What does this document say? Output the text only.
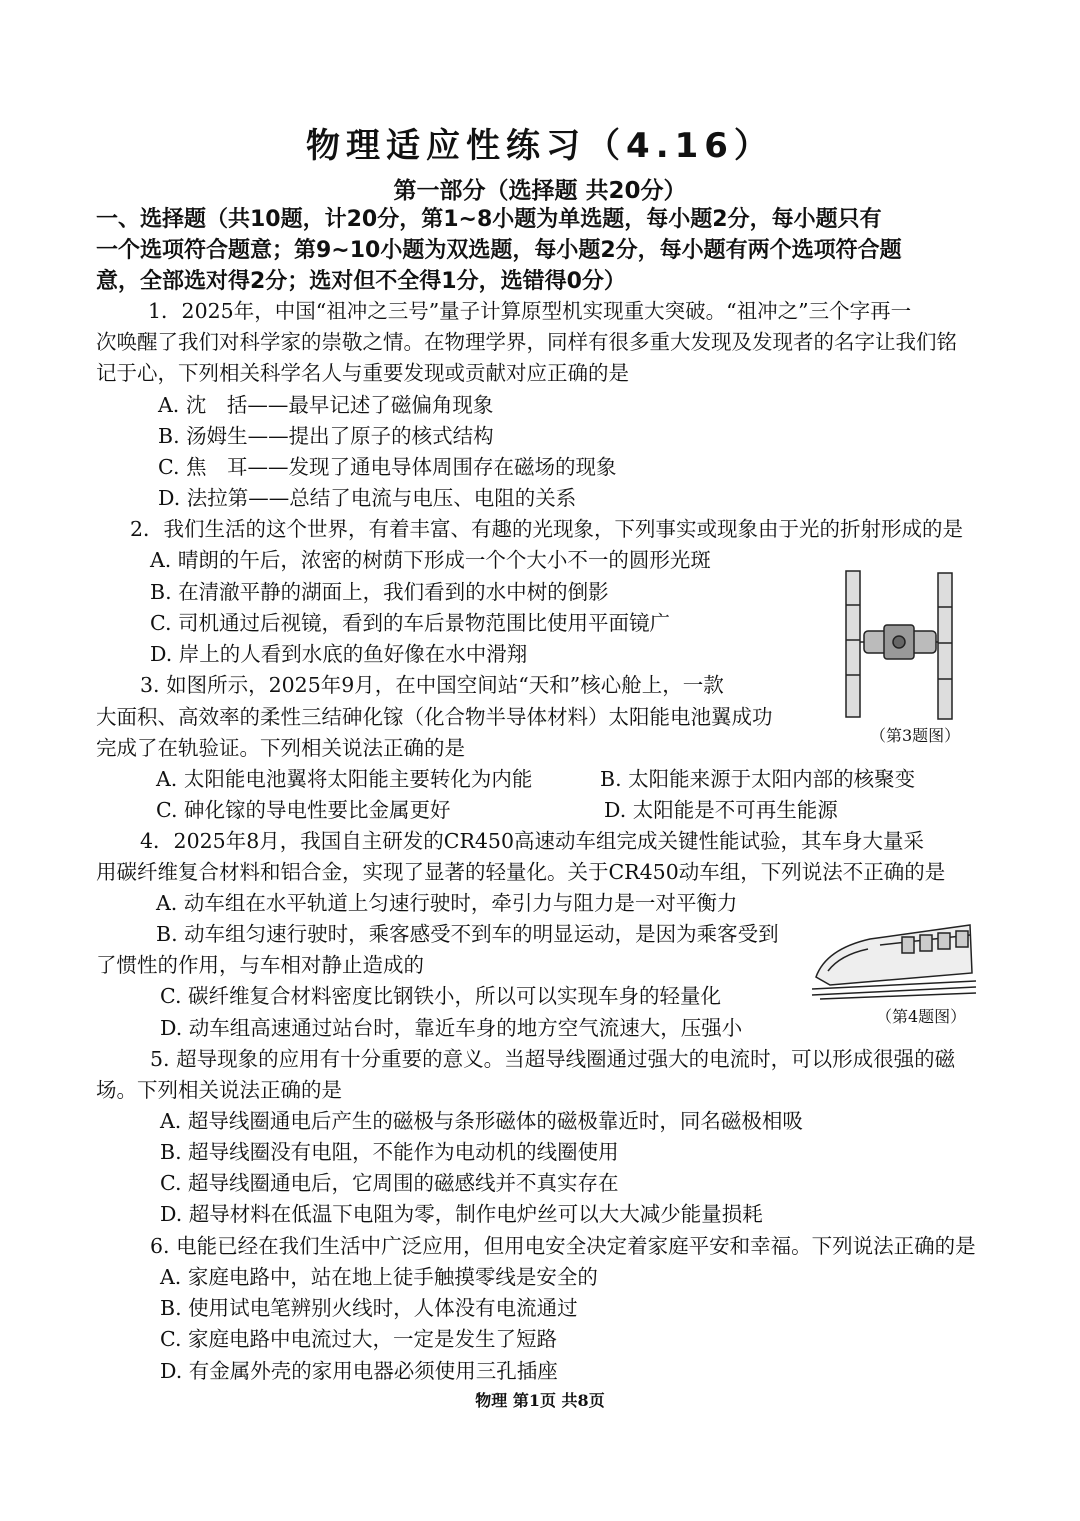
物理适应性练习（4.16）
第一部分（选择题 共20分）
一、选择题（共10题，计20分，第1~8小题为单选题，每小题2分，每小题只有
一个选项符合题意；第9~10小题为双选题，每小题2分，每小题有两个选项符合题
意，全部选对得2分；选对但不全得1分，选错得0分）
1．2025年，中国“祖冲之三号”量子计算原型机实现重大突破。“祖冲之”三个字再一
次唤醒了我们对科学家的崇敬之情。在物理学界，同样有很多重大发现及发现者的名字让我们铭
记于心，下列相关科学名人与重要发现或贡献对应正确的是
A. 沈　括——最早记述了磁偏角现象
B. 汤姆生——提出了原子的核式结构
C. 焦　耳——发现了通电导体周围存在磁场的现象
D. 法拉第——总结了电流与电压、电阻的关系
2．我们生活的这个世界，有着丰富、有趣的光现象，下列事实或现象由于光的折射形成的是
A. 晴朗的午后，浓密的树荫下形成一个个大小不一的圆形光斑
B. 在清澈平静的湖面上，我们看到的水中树的倒影
C. 司机通过后视镜，看到的车后景物范围比使用平面镜广
D. 岸上的人看到水底的鱼好像在水中滑翔
（第3题图）
3. 如图所示，2025年9月，在中国空间站“天和”核心舱上，一款
大面积、高效率的柔性三结砷化镓（化合物半导体材料）太阳能电池翼成功
完成了在轨验证。下列相关说法正确的是
A. 太阳能电池翼将太阳能主要转化为内能	B. 太阳能来源于太阳内部的核聚变
C. 砷化镓的导电性要比金属更好	D. 太阳能是不可再生能源
4．2025年8月，我国自主研发的CR450高速动车组完成关键性能试验，其车身大量采
用碳纤维复合材料和铝合金，实现了显著的轻量化。关于CR450动车组，下列说法不正确的是
A. 动车组在水平轨道上匀速行驶时，牵引力与阻力是一对平衡力
B. 动车组匀速行驶时，乘客感受不到车的明显运动，是因为乘客受到
了惯性的作用，与车相对静止造成的
C. 碳纤维复合材料密度比钢铁小，所以可以实现车身的轻量化
D. 动车组高速通过站台时，靠近车身的地方空气流速大，压强小	（第4题图）
5. 超导现象的应用有十分重要的意义。当超导线圈通过强大的电流时，可以形成很强的磁
场。下列相关说法正确的是
A. 超导线圈通电后产生的磁极与条形磁体的磁极靠近时，同名磁极相吸
B. 超导线圈没有电阻，不能作为电动机的线圈使用
C. 超导线圈通电后，它周围的磁感线并不真实存在
D. 超导材料在低温下电阻为零，制作电炉丝可以大大减少能量损耗
6. 电能已经在我们生活中广泛应用，但用电安全决定着家庭平安和幸福。下列说法正确的是
A. 家庭电路中，站在地上徒手触摸零线是安全的
B. 使用试电笔辨别火线时，人体没有电流通过
C. 家庭电路中电流过大，一定是发生了短路
D. 有金属外壳的家用电器必须使用三孔插座
物理 第1页 共8页
